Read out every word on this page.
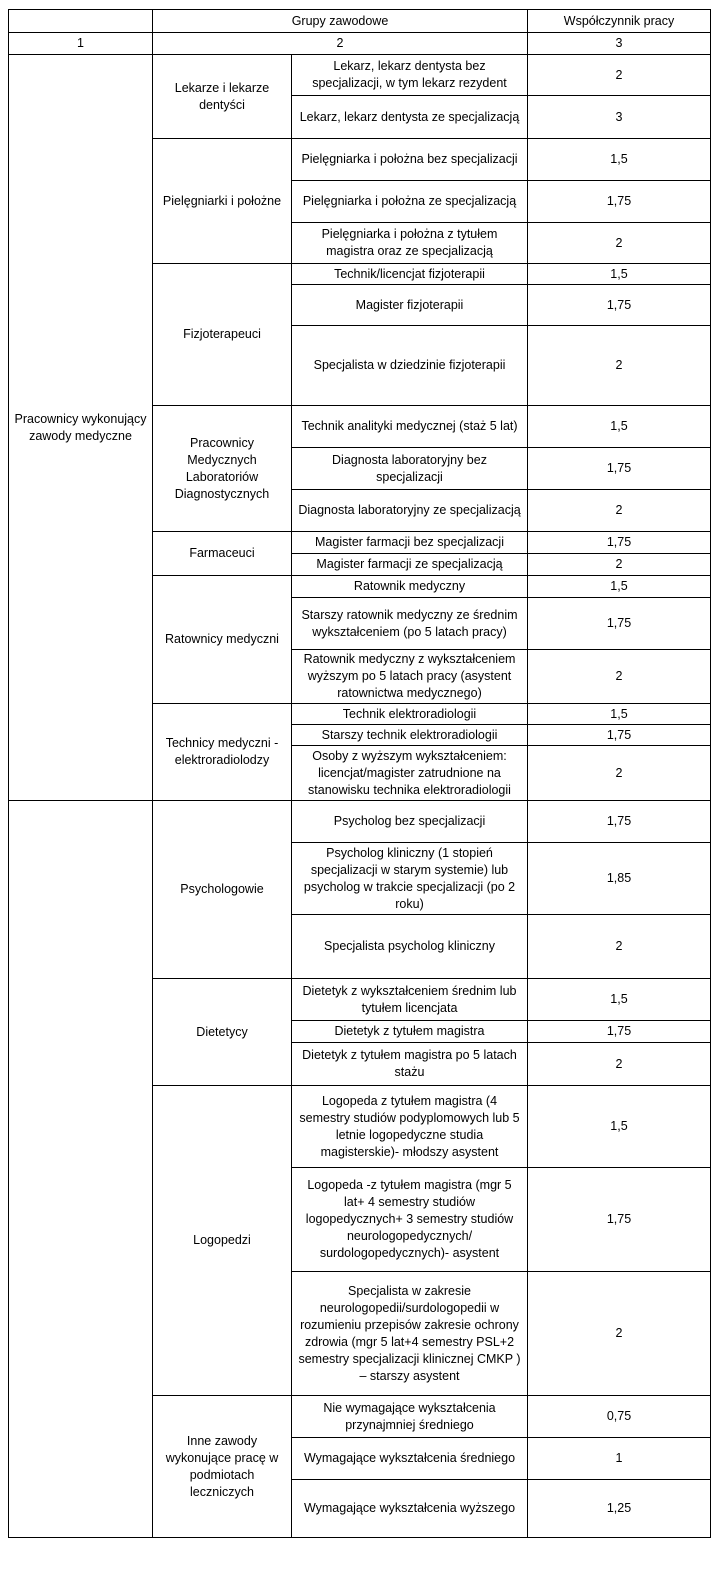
	Grupy zawodowe		Współczynnik pracy
1	2		3
Pracownicy wykonujący zawody medyczne	Lekarze i lekarze dentyści	Lekarz, lekarz dentysta bez specjalizacji, w tym lekarz rezydent	2
		Lekarz, lekarz dentysta ze specjalizacją	3
	Pielęgniarki i położne	Pielęgniarka i położna bez specjalizacji	1,5
		Pielęgniarka i położna ze specjalizacją	1,75
		Pielęgniarka i położna z tytułem magistra oraz ze specjalizacją	2
	Fizjoterapeuci	Technik/licencjat fizjoterapii	1,5
		Magister fizjoterapii	1,75
		Specjalista w dziedzinie fizjoterapii	2
	Pracownicy Medycznych Laboratoriów Diagnostycznych	Technik analityki medycznej (staż 5 lat)	1,5
		Diagnosta laboratoryjny bez specjalizacji	1,75
		Diagnosta laboratoryjny ze specjalizacją	2
	Farmaceuci	Magister farmacji bez specjalizacji	1,75
		Magister farmacji ze specjalizacją	2
	Ratownicy medyczni	Ratownik medyczny	1,5
		Starszy ratownik medyczny ze średnim wykształceniem (po 5 latach pracy)	1,75
		Ratownik medyczny z wykształceniem wyższym po 5 latach pracy (asystent ratownictwa medycznego)	2
	Technicy medyczni - elektroradiolodzy	Technik elektroradiologii	1,5
		Starszy technik elektroradiologii	1,75
		Osoby z wyższym wykształceniem: licencjat/magister zatrudnione na stanowisku technika elektroradiologii	2
	Psychologowie	Psycholog bez specjalizacji	1,75
		Psycholog kliniczny (1 stopień specjalizacji w starym systemie) lub psycholog w trakcie specjalizacji (po 2 roku)	1,85
		Specjalista psycholog kliniczny	2
	Dietetycy	Dietetyk z wykształceniem średnim lub tytułem licencjata	1,5
		Dietetyk z tytułem magistra	1,75
		Dietetyk z tytułem magistra po 5 latach stażu	2
	Logopedzi	Logopeda z tytułem magistra (4 semestry studiów podyplomowych lub 5 letnie logopedyczne studia magisterskie)- młodszy asystent	1,5
		Logopeda -z tytułem magistra (mgr 5 lat+ 4 semestry studiów logopedycznych+ 3 semestry studiów neurologopedycznych/ surdologopedycznych)- asystent	1,75
		Specjalista w zakresie neurologopedii/surdologopedii w rozumieniu przepisów zakresie ochrony zdrowia (mgr 5 lat+4 semestry PSL+2 semestry specjalizacji klinicznej CMKP ) – starszy asystent	2
	Inne zawody wykonujące pracę w podmiotach leczniczych	Nie wymagające wykształcenia przynajmniej średniego	0,75
		Wymagające wykształcenia średniego	1
		Wymagające wykształcenia wyższego	1,25
